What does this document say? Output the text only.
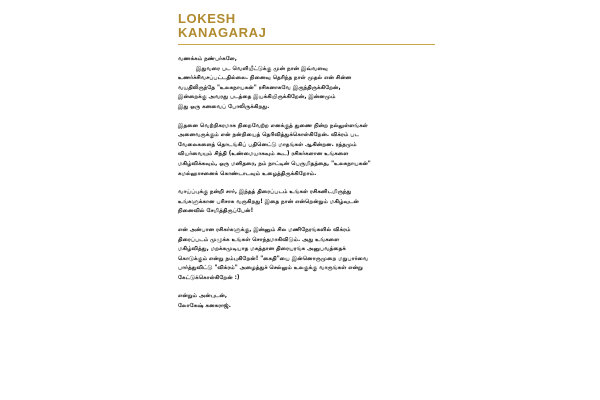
LOKESH
KANAGARAJ

வணக்கம் நண்பர்களே,

இதுவரை பட வெளியீட்டுக்கு முன் நான் இவ்வளவு

உணர்ச்சிவசப்பட்டதில்லை. நினைவு தெரிந்த நாள் முதல் என் சின்ன

வயதிலிருந்தே "உலகநாயகன்" ரசிகனாகவே இருந்திருக்கிறேன்,

இன்றைக்கு அவரது படத்தை இயக்கியிருக்கிறேன், இன்னமும்

இது ஒரு கனவைப் போலிருக்கிறது.

இதனை வெற்றிகரமாக நிறைவேற்ற எனக்குத் துணை நின்ற நல்லுள்ளங்கள்

அனைவருக்கும் என் நன்றியைத் தெரிவித்துக்கொள்கிறேன். விக்ரம் பட

வேலைகளைத் தொடங்கிப் பதினெட்டு மாதங்கள் ஆகின்றன. ரத்தமும்

வியர்வையும் சிந்தி (உண்மையாகவும் கூட) ரசிகர்களான உங்களை

மகிழ்விக்கவும், ஒரு மனிதரை, நம் நாட்டின் பெருமிதத்தை, "உலகநாயகன்"

கமல்ஹாசனைக் கொண்டாடவும் உழைத்திருக்கிறோம்.

வாய்ப்புக்கு நன்றி சார், இந்தத் திரைப்படம் உங்கள் ரசிகனிடமிருந்து

உங்களுக்கான பரிசாக வருகிறது! இதை நான் என்றென்றும் மகிழ்வுடன்

நினைவில் சேமித்திருப்பேன்!

என் அன்பான ரசிகர்களுக்கு, இன்னும் சில மணிநேரங்களில் விக்ரம்

திரைப்படம் முழுக்க உங்கள் சொந்தமாகிவிடும். அது உங்களை

மகிழ்வித்து, மறக்கமுடியாத மகத்தான திரையரங்க அனுபவத்தைக்

கொடுக்கும் என்று நம்புகிறேன்! "கைதி"யை இன்னொருமுறை மறுபார்வை

பார்த்துவிட்டு "விக்ரம்" அழைத்துச் செல்லும் உலகுக்கு வாருங்கள் என்று

கேட்டுக்கொள்கிறேன் :)

என்றும் அன்புடன்,

லோகேஷ் கனகராஜ்.
